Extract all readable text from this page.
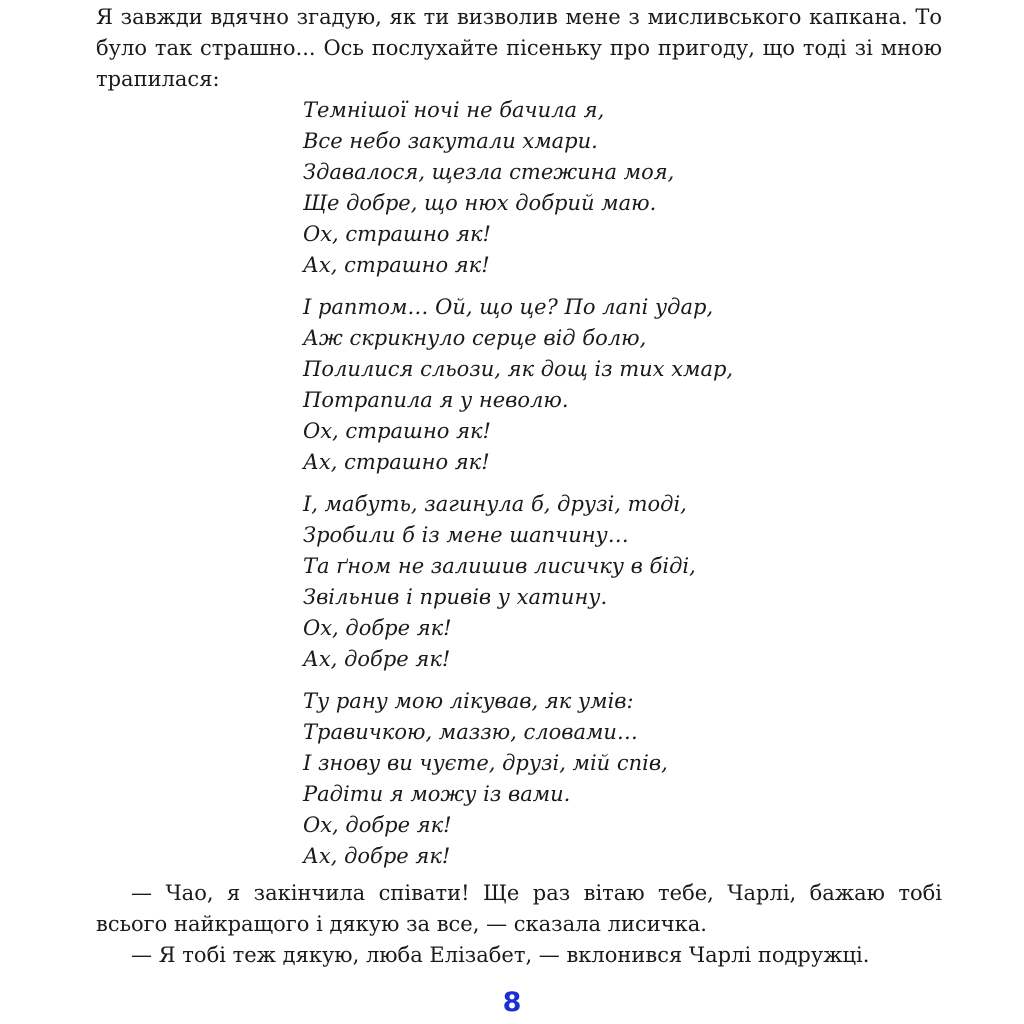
Я завжди вдячно згадую, як ти визволив мене з мисливського капкана. То було так страшно... Ось послухайте пісеньку про пригоду, що тоді зі мною трапилася:

Темнішої ночі не бачила я,
Все небо закутали хмари.
Здавалося, щезла стежина моя,
Ще добре, що нюх добрий маю.
Ох, страшно як!
Ах, страшно як!
І раптом… Ой, що це? По лапі удар,
Аж скрикнуло серце від болю,
Полилися сльози, як дощ із тих хмар,
Потрапила я у неволю.
Ох, страшно як!
Ах, страшно як!
І, мабуть, загинула б, друзі, тоді,
Зробили б із мене шапчину…
Та ґном не залишив лисичку в біді,
Звільнив і привів у хатину.
Ох, добре як!
Ах, добре як!
Ту рану мою лікував, як умів:
Травичкою, маззю, словами…
І знову ви чуєте, друзі, мій спів,
Радіти я можу із вами.
Ох, добре як!
Ах, добре як!

— Чао, я закінчила співати! Ще раз вітаю тебе, Чарлі, бажаю тобі всього найкращого і дякую за все, — сказала лисичка.

— Я тобі теж дякую, люба Елізабет, — вклонився Чарлі подружці.

8
